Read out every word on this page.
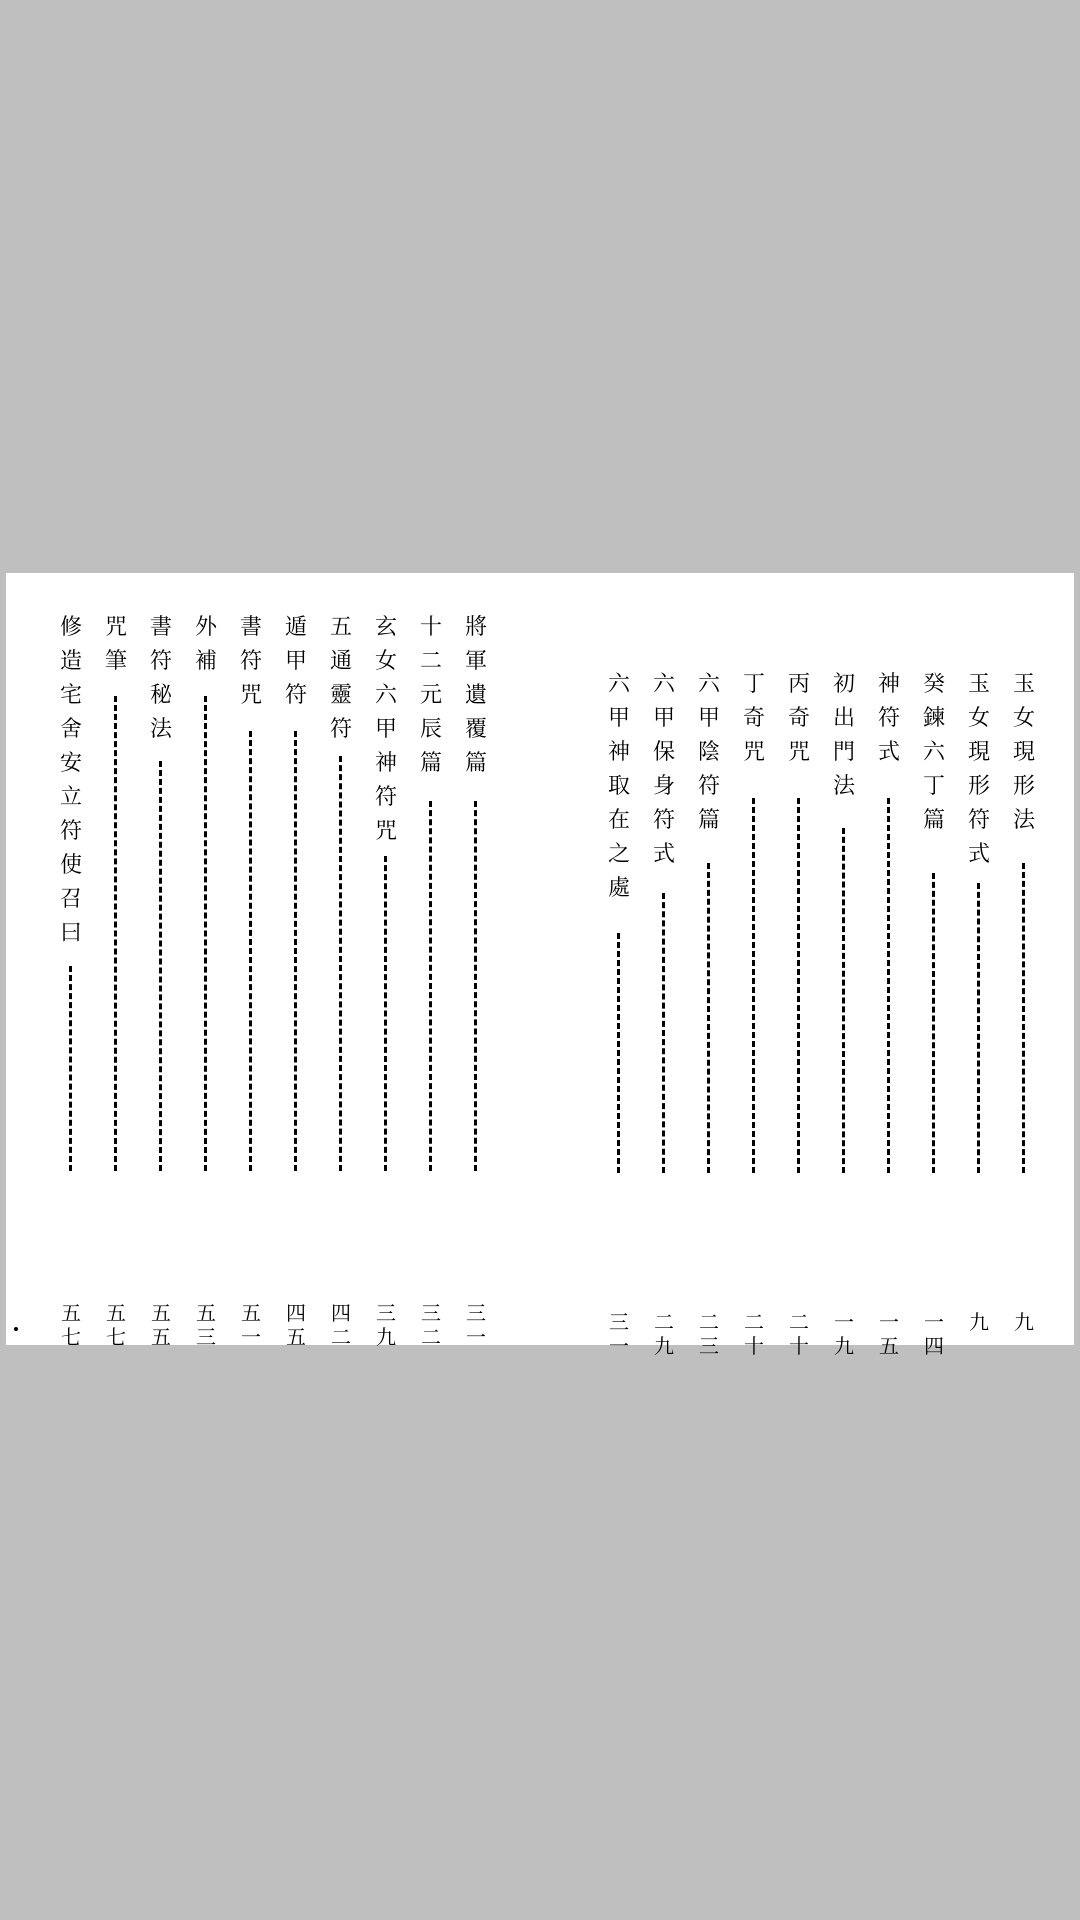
將
軍
遺
覆
篇
三
一
十
二
元
辰
篇
三
二
玄
女
六
甲
神
符
咒
三
九
五
通
靈
符
四
二
遁
甲
符
四
五
書
符
咒
五
一
外
補
五
三
書
符
秘
法
五
五
咒
筆
五
七
修
造
宅
舍
安
立
符
使
召
曰
五
七
玉
女
現
形
法
九
玉
女
現
形
符
式
九
癸
鍊
六
丁
篇
一
四
神
符
式
一
五
初
出
門
法
一
九
丙
奇
咒
二
十
丁
奇
咒
二
十
六
甲
陰
符
篇
二
三
六
甲
保
身
符
式
二
九
六
甲
神
取
在
之
處
三
一
